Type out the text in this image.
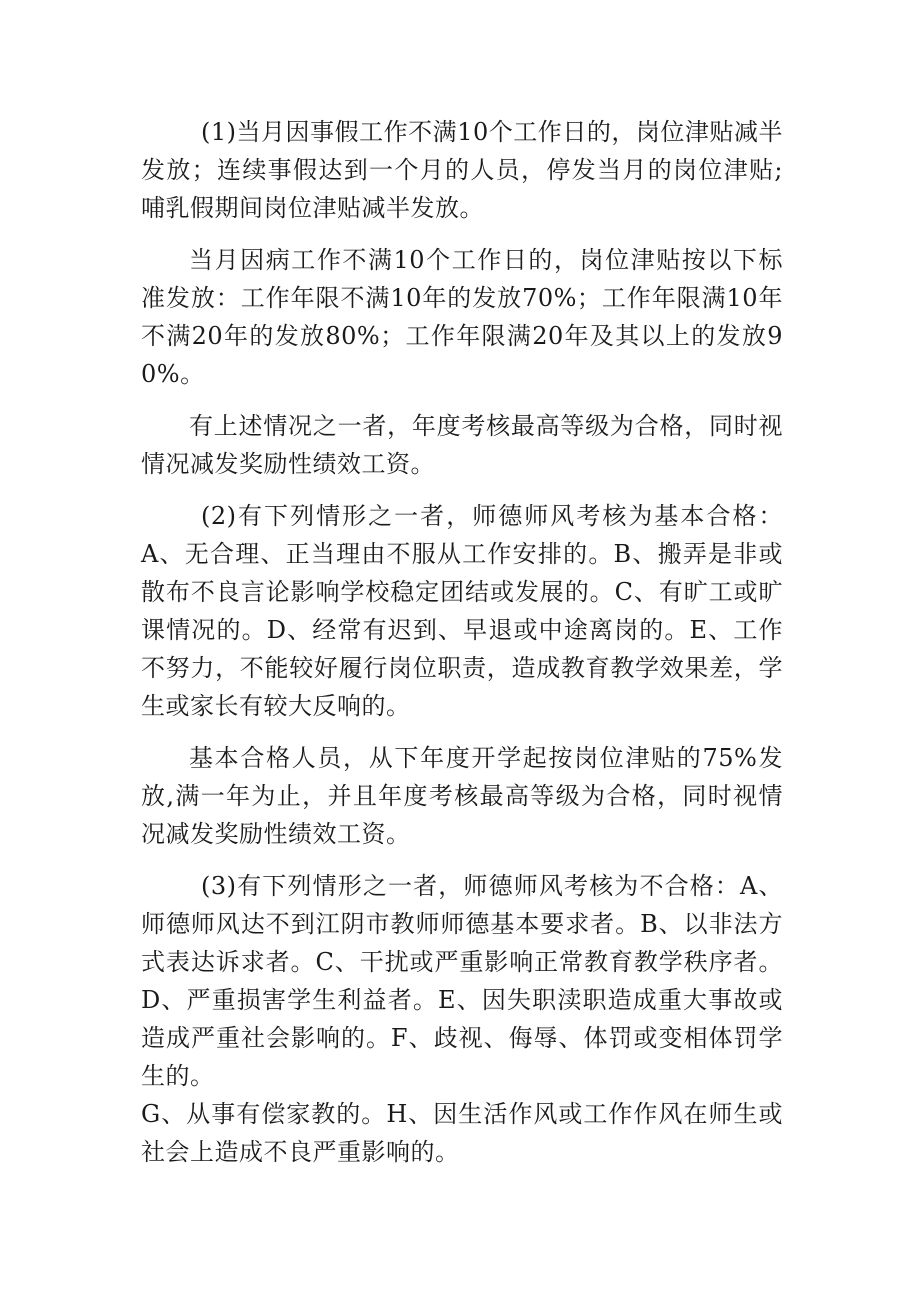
(1)当月因事假工作不满10个工作日的，岗位津贴减半发放；连续事假达到一个月的人员，停发当月的岗位津贴;哺乳假期间岗位津贴减半发放。

当月因病工作不满10个工作日的，岗位津贴按以下标准发放：工作年限不满10年的发放70%；工作年限满10年不满20年的发放80%；工作年限满20年及其以上的发放90%。

有上述情况之一者，年度考核最高等级为合格，同时视情况减发奖励性绩效工资。

(2)有下列情形之一者，师德师风考核为基本合格：A、无合理、正当理由不服从工作安排的。B、搬弄是非或散布不良言论影响学校稳定团结或发展的。C、有旷工或旷课情况的。D、经常有迟到、早退或中途离岗的。E、工作不努力，不能较好履行岗位职责，造成教育教学效果差，学生或家长有较大反响的。

基本合格人员，从下年度开学起按岗位津贴的75%发放,满一年为止，并且年度考核最高等级为合格，同时视情况减发奖励性绩效工资。

(3)有下列情形之一者，师德师风考核为不合格：A、师德师风达不到江阴市教师师德基本要求者。B、以非法方式表达诉求者。C、干扰或严重影响正常教育教学秩序者。D、严重损害学生利益者。E、因失职渎职造成重大事故或造成严重社会影响的。F、歧视、侮辱、体罚或变相体罚学生的。

G、从事有偿家教的。H、因生活作风或工作作风在师生或社会上造成不良严重影响的。
